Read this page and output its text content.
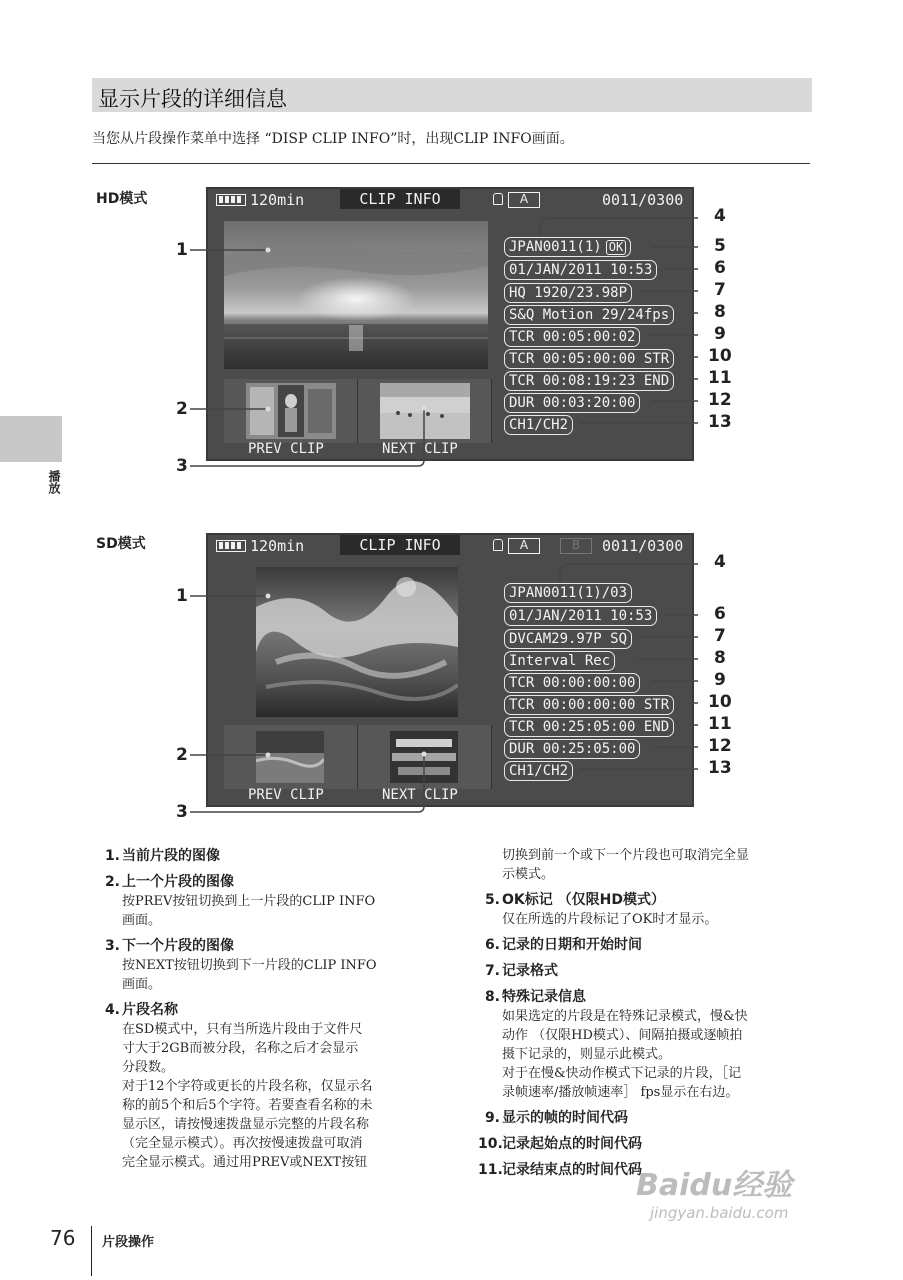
显示片段的详细信息
当您从片段操作菜单中选择 “DISP CLIP INFO”时，出现CLIP INFO画面。
播放
HD模式	120min	CLIP INFO	A	0011/0300
PREV CLIP	NEXT CLIP
JPAN0011(1) OK
01/JAN/2011 10:53
HQ 1920/23.98P
S&Q Motion 29/24fps
TCR 00:05:00:02
TCR 00:05:00:00 STR
TCR 00:08:19:23 END
DUR 00:03:20:00
CH1/CH2
1
2
3
4
5
6
7
8
9
10
11
12
13
SD模式	120min	CLIP INFO	A	B	0011/0300
PREV CLIP	NEXT CLIP
JPAN0011(1)/03
01/JAN/2011 10:53
DVCAM29.97P SQ
Interval Rec
TCR 00:00:00:00
TCR 00:00:00:00 STR
TCR 00:25:05:00 END
DUR 00:25:05:00
CH1/CH2
1
2
3
4
6
7
8
9
10
11
12
13
1. 当前片段的图像
2. 上一个片段的图像
按PREV按钮切换到上一片段的CLIP INFO
画面。
3. 下一个片段的图像
按NEXT按钮切换到下一片段的CLIP INFO
画面。
4. 片段名称
在SD模式中，只有当所选片段由于文件尺
寸大于2GB而被分段，名称之后才会显示
分段数。
对于12个字符或更长的片段名称，仅显示名
称的前5个和后5个字符。若要查看名称的未
显示区，请按慢速拨盘显示完整的片段名称
（完全显示模式）。再次按慢速拨盘可取消
完全显示模式。通过用PREV或NEXT按钮
切换到前一个或下一个片段也可取消完全显
示模式。
5. OK标记 （仅限HD模式）
仅在所选的片段标记了OK时才显示。
6. 记录的日期和开始时间
7. 记录格式
8. 特殊记录信息
如果选定的片段是在特殊记录模式，慢&快
动作 （仅限HD模式）、间隔拍摄或逐帧拍
摄下记录的，则显示此模式。
对于在慢&快动作模式下记录的片段，［记
录帧速率/播放帧速率］ fps显示在右边。
9. 显示的帧的时间代码
10.记录起始点的时间代码
11.记录结束点的时间代码
76 片段操作
Baidu经验
jingyan.baidu.com
